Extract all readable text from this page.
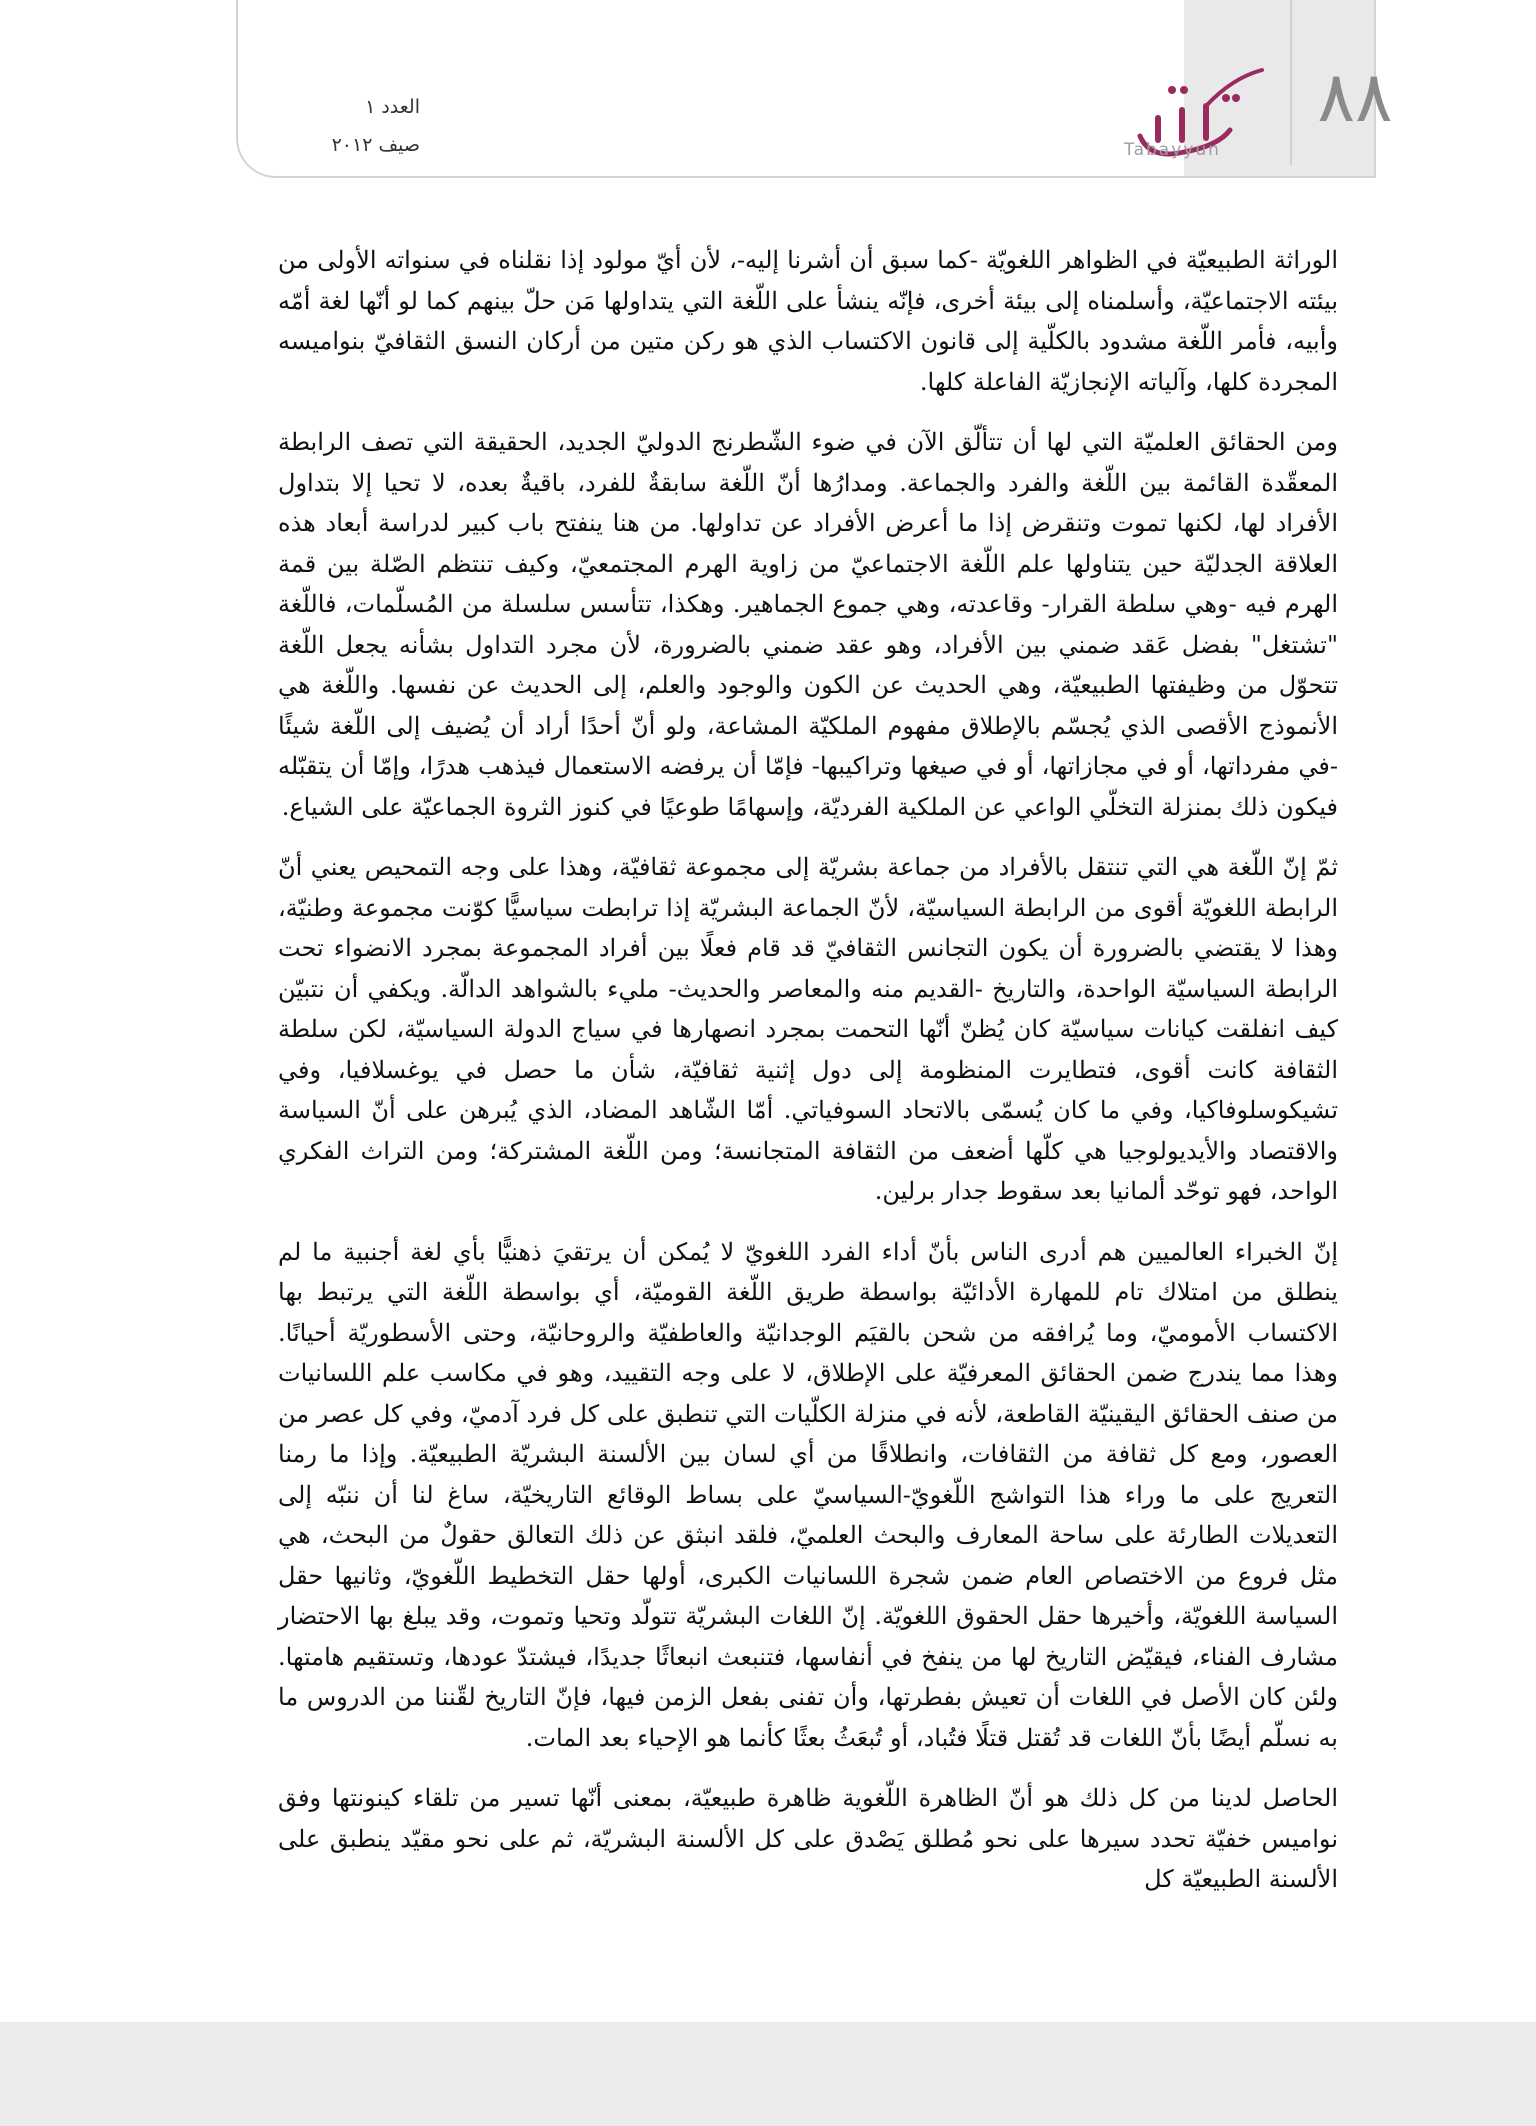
٨٨
تبيّن
Tabayyun
العدد ١
صيف ٢٠١٢

الوراثة الطبيعيّة في الظواهر اللغويّة -كما سبق أن أشرنا إليه-، لأن أيّ مولود إذا نقلناه في سنواته الأولى من بيئته الاجتماعيّة، وأسلمناه إلى بيئة أخرى، فإنّه ينشأ على اللّغة التي يتداولها مَن حلّ بينهم كما لو أنّها لغة أمّه وأبيه، فأمر اللّغة مشدود بالكلّية إلى قانون الاكتساب الذي هو ركن متين من أركان النسق الثقافيّ بنواميسه المجردة كلها، وآلياته الإنجازيّة الفاعلة كلها.

ومن الحقائق العلميّة التي لها أن تتألّق الآن في ضوء الشّطرنج الدوليّ الجديد، الحقيقة التي تصف الرابطة المعقّدة القائمة بين اللّغة والفرد والجماعة. ومدارُها أنّ اللّغة سابقةٌ للفرد، باقيةٌ بعده، لا تحيا إلا بتداول الأفراد لها، لكنها تموت وتنقرض إذا ما أعرض الأفراد عن تداولها. من هنا ينفتح باب كبير لدراسة أبعاد هذه العلاقة الجدليّة حين يتناولها علم اللّغة الاجتماعيّ من زاوية الهرم المجتمعيّ، وكيف تنتظم الصّلة بين قمة الهرم فيه -وهي سلطة القرار- وقاعدته، وهي جموع الجماهير. وهكذا، تتأسس سلسلة من المُسلّمات، فاللّغة "تشتغل" بفضل عَقد ضمني بين الأفراد، وهو عقد ضمني بالضرورة، لأن مجرد التداول بشأنه يجعل اللّغة تتحوّل من وظيفتها الطبيعيّة، وهي الحديث عن الكون والوجود والعلم، إلى الحديث عن نفسها. واللّغة هي الأنموذج الأقصى الذي يُجسّم بالإطلاق مفهوم الملكيّة المشاعة، ولو أنّ أحدًا أراد أن يُضيف إلى اللّغة شيئًا -في مفرداتها، أو في مجازاتها، أو في صيغها وتراكيبها- فإمّا أن يرفضه الاستعمال فيذهب هدرًا، وإمّا أن يتقبّله فيكون ذلك بمنزلة التخلّي الواعي عن الملكية الفرديّة، وإسهامًا طوعيًا في كنوز الثروة الجماعيّة على الشياع.

ثمّ إنّ اللّغة هي التي تنتقل بالأفراد من جماعة بشريّة إلى مجموعة ثقافيّة، وهذا على وجه التمحيص يعني أنّ الرابطة اللغويّة أقوى من الرابطة السياسيّة، لأنّ الجماعة البشريّة إذا ترابطت سياسيًّا كوّنت مجموعة وطنيّة، وهذا لا يقتضي بالضرورة أن يكون التجانس الثقافيّ قد قام فعلًا بين أفراد المجموعة بمجرد الانضواء تحت الرابطة السياسيّة الواحدة، والتاريخ -القديم منه والمعاصر والحديث- مليء بالشواهد الدالّة. ويكفي أن نتبيّن كيف انفلقت كيانات سياسيّة كان يُظنّ أنّها التحمت بمجرد انصهارها في سياج الدولة السياسيّة، لكن سلطة الثقافة كانت أقوى، فتطايرت المنظومة إلى دول إثنية ثقافيّة، شأن ما حصل في يوغسلافيا، وفي تشيكوسلوفاكيا، وفي ما كان يُسمّى بالاتحاد السوفياتي. أمّا الشّاهد المضاد، الذي يُبرهن على أنّ السياسة والاقتصاد والأيديولوجيا هي كلّها أضعف من الثقافة المتجانسة؛ ومن اللّغة المشتركة؛ ومن التراث الفكري الواحد، فهو توحّد ألمانيا بعد سقوط جدار برلين.

إنّ الخبراء العالميين هم أدرى الناس بأنّ أداء الفرد اللغويّ لا يُمكن أن يرتقيَ ذهنيًّا بأي لغة أجنبية ما لم ينطلق من امتلاك تام للمهارة الأدائيّة بواسطة طريق اللّغة القوميّة، أي بواسطة اللّغة التي يرتبط بها الاكتساب الأموميّ، وما يُرافقه من شحن بالقيَم الوجدانيّة والعاطفيّة والروحانيّة، وحتى الأسطوريّة أحيانًا. وهذا مما يندرج ضمن الحقائق المعرفيّة على الإطلاق، لا على وجه التقييد، وهو في مكاسب علم اللسانيات من صنف الحقائق اليقينيّة القاطعة، لأنه في منزلة الكلّيات التي تنطبق على كل فرد آدميّ، وفي كل عصر من العصور، ومع كل ثقافة من الثقافات، وانطلاقًا من أي لسان بين الألسنة البشريّة الطبيعيّة. وإذا ما رمنا التعريج على ما وراء هذا التواشج اللّغويّ-السياسيّ على بساط الوقائع التاريخيّة، ساغ لنا أن ننبّه إلى التعديلات الطارئة على ساحة المعارف والبحث العلميّ، فلقد انبثق عن ذلك التعالق حقولٌ من البحث، هي مثل فروع من الاختصاص العام ضمن شجرة اللسانيات الكبرى، أولها حقل التخطيط اللّغويّ، وثانيها حقل السياسة اللغويّة، وأخيرها حقل الحقوق اللغويّة. إنّ اللغات البشريّة تتولّد وتحيا وتموت، وقد يبلغ بها الاحتضار مشارف الفناء، فيقيّض التاريخ لها من ينفخ في أنفاسها، فتنبعث انبعاثًا جديدًا، فيشتدّ عودها، وتستقيم هامتها. ولئن كان الأصل في اللغات أن تعيش بفطرتها، وأن تفنى بفعل الزمن فيها، فإنّ التاريخ لقّننا من الدروس ما به نسلّم أيضًا بأنّ اللغات قد تُقتل قتلًا فتُباد، أو تُبعَثُ بعثًا كأنما هو الإحياء بعد المات.

الحاصل لدينا من كل ذلك هو أنّ الظاهرة اللّغوية ظاهرة طبيعيّة، بمعنى أنّها تسير من تلقاء كينونتها وفق نواميس خفيّة تحدد سيرها على نحو مُطلق يَصْدق على كل الألسنة البشريّة، ثم على نحو مقيّد ينطبق على الألسنة الطبيعيّة كل
